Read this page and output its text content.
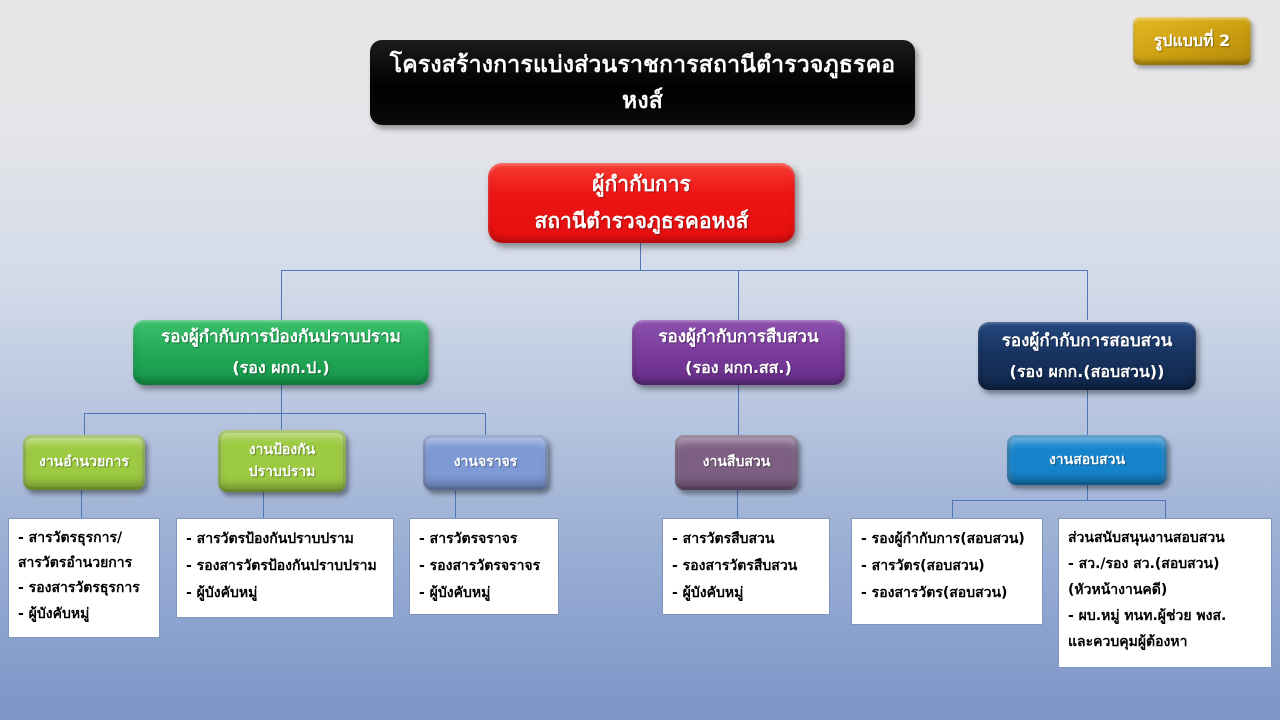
โครงสร้างการแบ่งส่วนราชการสถานีตำรวจภูธรคอหงส์
รูปแบบที่ 2
ผู้กำกับการ
สถานีตำรวจภูธรคอหงส์
รองผู้กำกับการป้องกันปราบปราม
(รอง ผกก.ป.)
รองผู้กำกับการสืบสวน
(รอง ผกก.สส.)
รองผู้กำกับการสอบสวน
(รอง ผกก.(สอบสวน))
งานอำนวยการ
งานป้องกัน
ปราบปราม
งานจราจร	งานสืบสวน	งานสอบสวน
- สารวัตรธุรการ/
สารวัตรอำนวยการ
- รองสารวัตรธุรการ
- ผู้บังคับหมู่
- สารวัตรป้องกันปราบปราม
- รองสารวัตรป้องกันปราบปราม
- ผู้บังคับหมู่
- สารวัตรจราจร
- รองสารวัตรจราจร
- ผู้บังคับหมู่
- สารวัตรสืบสวน
- รองสารวัตรสืบสวน
- ผู้บังคับหมู่
- รองผู้กำกับการ(สอบสวน)
- สารวัตร(สอบสวน)
- รองสารวัตร(สอบสวน)
ส่วนสนับสนุนงานสอบสวน
- สว./รอง สว.(สอบสวน)
(หัวหน้างานคดี)
- ผบ.หมู่ ทนท.ผู้ช่วย พงส.
และควบคุมผู้ต้องหา
